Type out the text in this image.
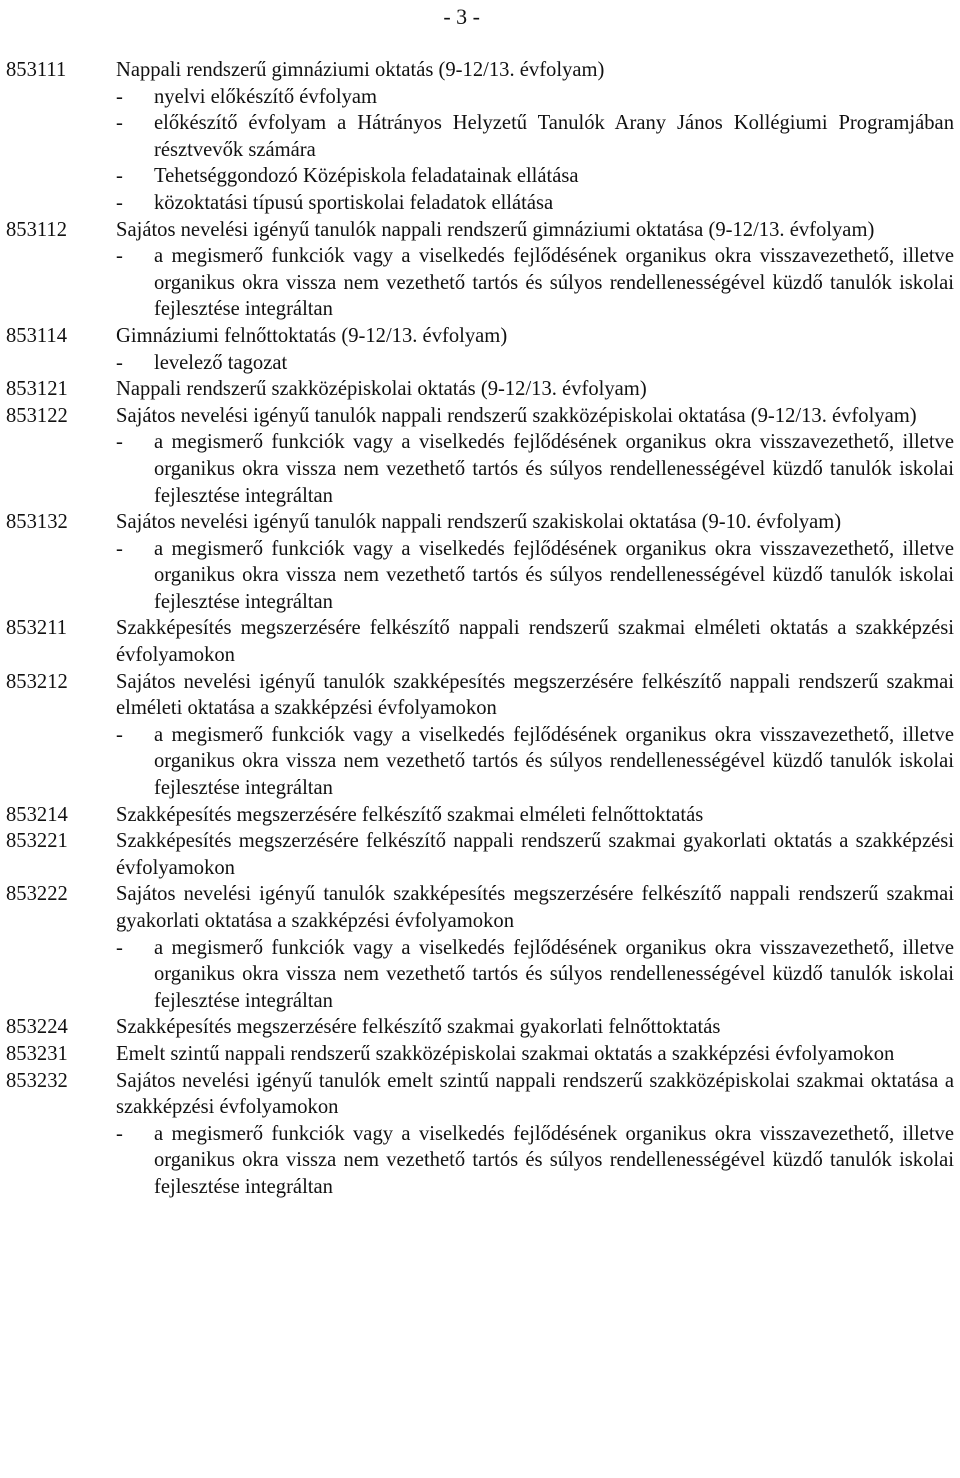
- 3 -
853111	Nappali rendszerű gimnáziumi oktatás (9-12/13. évfolyam)
-	nyelvi előkészítő évfolyam
-	előkészítő évfolyam a Hátrányos Helyzetű Tanulók Arany János Kollégiumi Programjában résztvevők számára
-	Tehetséggondozó Középiskola feladatainak ellátása
-	közoktatási típusú sportiskolai feladatok ellátása
853112	Sajátos nevelési igényű tanulók nappali rendszerű gimnáziumi oktatása (9-12/13. évfolyam)
-	a megismerő funkciók vagy a viselkedés fejlődésének organikus okra visszavezethető, illetve organikus okra vissza nem vezethető tartós és súlyos rendellenességével küzdő tanulók iskolai fejlesztése integráltan
853114	Gimnáziumi felnőttoktatás (9-12/13. évfolyam)
-	levelező tagozat
853121	Nappali rendszerű szakközépiskolai oktatás (9-12/13. évfolyam)
853122	Sajátos nevelési igényű tanulók nappali rendszerű szakközépiskolai oktatása (9-12/13. évfolyam)
-	a megismerő funkciók vagy a viselkedés fejlődésének organikus okra visszavezethető, illetve organikus okra vissza nem vezethető tartós és súlyos rendellenességével küzdő tanulók iskolai fejlesztése integráltan
853132	Sajátos nevelési igényű tanulók nappali rendszerű szakiskolai oktatása (9-10. évfolyam)
-	a megismerő funkciók vagy a viselkedés fejlődésének organikus okra visszavezethető, illetve organikus okra vissza nem vezethető tartós és súlyos rendellenességével küzdő tanulók iskolai fejlesztése integráltan
853211	Szakképesítés megszerzésére felkészítő nappali rendszerű szakmai elméleti oktatás a szakképzési évfolyamokon
853212	Sajátos nevelési igényű tanulók szakképesítés megszerzésére felkészítő nappali rendszerű szakmai elméleti oktatása a szakképzési évfolyamokon
-	a megismerő funkciók vagy a viselkedés fejlődésének organikus okra visszavezethető, illetve organikus okra vissza nem vezethető tartós és súlyos rendellenességével küzdő tanulók iskolai fejlesztése integráltan
853214	Szakképesítés megszerzésére felkészítő szakmai elméleti felnőttoktatás
853221	Szakképesítés megszerzésére felkészítő nappali rendszerű szakmai gyakorlati oktatás a szakképzési évfolyamokon
853222	Sajátos nevelési igényű tanulók szakképesítés megszerzésére felkészítő nappali rendszerű szakmai gyakorlati oktatása a szakképzési évfolyamokon
-	a megismerő funkciók vagy a viselkedés fejlődésének organikus okra visszavezethető, illetve organikus okra vissza nem vezethető tartós és súlyos rendellenességével küzdő tanulók iskolai fejlesztése integráltan
853224	Szakképesítés megszerzésére felkészítő szakmai gyakorlati felnőttoktatás
853231	Emelt szintű nappali rendszerű szakközépiskolai szakmai oktatás a szakképzési évfolyamokon
853232	Sajátos nevelési igényű tanulók emelt szintű nappali rendszerű szakközépiskolai szakmai oktatása a szakképzési évfolyamokon
-	a megismerő funkciók vagy a viselkedés fejlődésének organikus okra visszavezethető, illetve organikus okra vissza nem vezethető tartós és súlyos rendellenességével küzdő tanulók iskolai fejlesztése integráltan
